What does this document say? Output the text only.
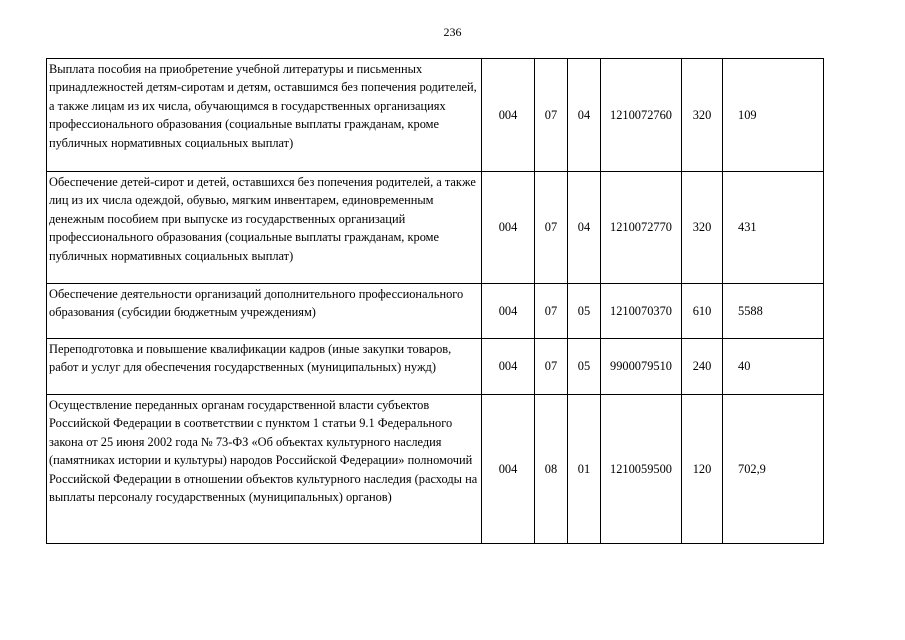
236
Выплата пособия на приобретение учебной литературы и письменных принадлежностей детям-сиротам и детям, оставшимся без попечения родителей, а также лицам из их числа, обучающимся в государственных организациях профессионального образования (социальные выплаты гражданам, кроме публичных нормативных социальных выплат)	004	07	04	1210072760	320	109
Обеспечение детей-сирот и детей, оставшихся без попечения родителей, а также лиц из их числа одеждой, обувью, мягким инвентарем, единовременным денежным пособием при выпуске из государственных организаций профессионального образования (социальные выплаты гражданам, кроме публичных нормативных социальных выплат)	004	07	04	1210072770	320	431
Обеспечение деятельности организаций дополнительного профессионального образования (субсидии бюджетным учреждениям)	004	07	05	1210070370	610	5588
Переподготовка и повышение квалификации кадров (иные закупки товаров, работ и услуг для обеспечения государственных (муниципальных) нужд)	004	07	05	9900079510	240	40
Осуществление переданных органам государственной власти субъектов Российской Федерации в соответствии с пунктом 1 статьи 9.1 Федерального закона от 25 июня 2002 года № 73-ФЗ «Об объектах культурного наследия (памятниках истории и культуры) народов Российской Федерации» полномочий Российской Федерации в отношении объектов культурного наследия (расходы на выплаты персоналу государственных (муниципальных) органов)	004	08	01	1210059500	120	702,9
